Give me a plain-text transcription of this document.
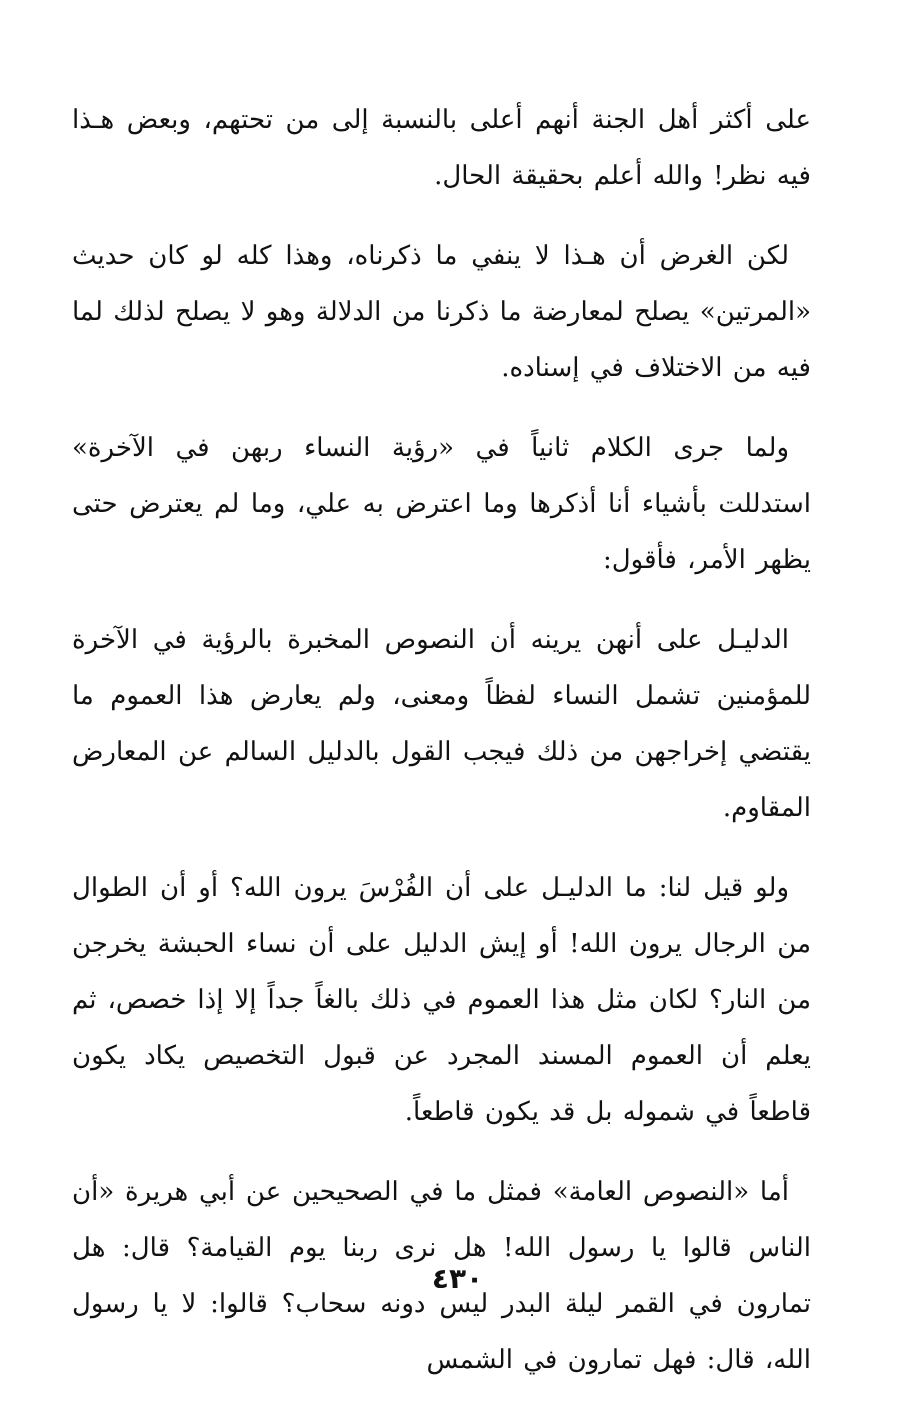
على أكثر أهل الجنة أنهم أعلى بالنسبة إلى من تحتهم، وبعض هـذا فيه نظر! والله أعلم بحقيقة الحال.

لكن الغرض أن هـذا لا ينفي ما ذكرناه، وهذا كله لو كان حديث «المرتين» يصلح لمعارضة ما ذكرنا من الدلالة وهو لا يصلح لذلك لما فيه من الاختلاف في إسناده.

ولما جرى الكلام ثانياً في «رؤية النساء ربهن في الآخرة» استدللت بأشياء أنا أذكرها وما اعترض به علي، وما لم يعترض حتى يظهر الأمر، فأقول:

الدليـل على أنهن يرينه أن النصوص المخبرة بالرؤية في الآخرة للمؤمنين تشمل النساء لفظاً ومعنى، ولم يعارض هذا العموم ما يقتضي إخراجهن من ذلك فيجب القول بالدليل السالم عن المعارض المقاوم.

ولو قيل لنا: ما الدليـل على أن الفُرْسَ يرون الله؟ أو أن الطوال من الرجال يرون الله! أو إيش الدليل على أن نساء الحبشة يخرجن من النار؟ لكان مثل هذا العموم في ذلك بالغاً جداً إلا إذا خصص، ثم يعلم أن العموم المسند المجرد عن قبول التخصيص يكاد يكون قاطعاً في شموله بل قد يكون قاطعاً.

أما «النصوص العامة» فمثل ما في الصحيحين عن أبي هريرة «أن الناس قالوا يا رسول الله! هل نرى ربنا يوم القيامة؟ قال: هل تمارون في القمر ليلة البدر ليس دونه سحاب؟ قالوا: لا يا رسول الله، قال: فهل تمارون في الشمس

٤٣٠
